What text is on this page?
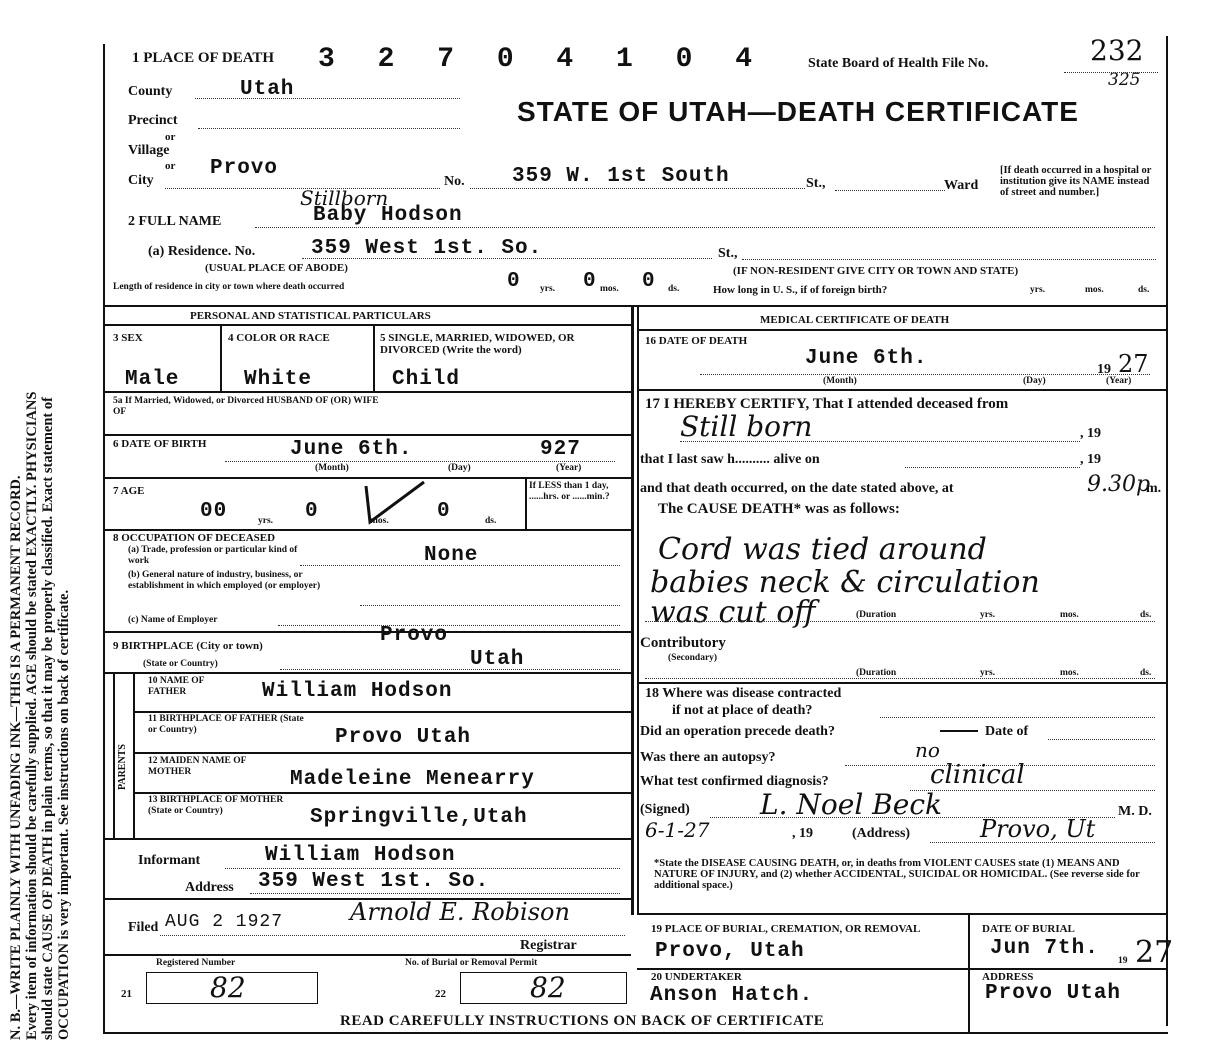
N. B.—WRITE PLAINLY WITH UNFADING INK—THIS IS A PERMANENT RECORD. Every item of information should be carefully supplied. AGE should be stated EXACTLY. PHYSICIANS should state CAUSE OF DEATH in plain terms, so that it may be properly classified. Exact statement of OCCUPATION is very important. See instructions on back of certificate.
1 PLACE OF DEATH 3 2 7 0 4 1 0 4	State Board of Health File No.	232
325
STATE OF UTAH—DEATH CERTIFICATE
County	Utah
Precinct
or
Village
or
City
Provo
No. 359 W. 1st South	St.,	Ward
[If death occurred in a hospital or institution give its NAME instead of street and number.]
2 FULL NAME
Stillborn
Baby Hodson
(a) Residence. No.	359 West 1st. So.	St.,
(USUAL PLACE OF ABODE)	(IF NON-RESIDENT GIVE CITY OR TOWN AND STATE)
Length of residence in city or town where death occurred	0 yrs. 0 mos. 0 ds.	How long in U. S., if of foreign birth?	yrs.	mos.	ds.
PERSONAL AND STATISTICAL PARTICULARS
3 SEX	4 COLOR OR RACE	5 SINGLE, MARRIED, WIDOWED, OR DIVORCED (Write the word)
Male	White	Child
5a If Married, Widowed, or Divorced HUSBAND OF (OR) WIFE OF
6 DATE OF BIRTH	June 6th.	927
(Month)	(Day)	(Year)
7 AGE
00	yrs. 0	mos. 0	ds.
If LESS than 1 day, ......hrs. or ......min.?
8 OCCUPATION OF DECEASED
(a) Trade, profession or particular kind of work	None
(b) General nature of industry, business, or establishment in which employed (or employer)
(c) Name of Employer
9 BIRTHPLACE (City or town)	Provo
(State or Country)	Utah
PARENTS
10 NAME OF FATHER	William Hodson
11 BIRTHPLACE OF FATHER (State or Country)	Provo Utah
12 MAIDEN NAME OF MOTHER	Madeleine Menearry
13 BIRTHPLACE OF MOTHER (State or Country)	Springville,Utah
Informant	William Hodson
Address 359 West 1st. So.
Filed AUG 2 1927	Arnold E. Robison
Registrar
Registered Number	No. of Burial or Removal Permit
21	82	22	82
MEDICAL CERTIFICATE OF DEATH
16 DATE OF DEATH
June 6th.	19 27
(Month)	(Day)	(Year)
17 I HEREBY CERTIFY, That I attended deceased from
Still born	, 19
that I last saw h.......... alive on	, 19
and that death occurred, on the date stated above, at	9.30p
m.
The CAUSE DEATH* was as follows:
Cord was tied around
babies neck & circulation
was cut off	(Duration	yrs.	mos.	ds.
Contributory
(Secondary)
(Duration	yrs.	mos.	ds.
18 Where was disease contracted
if not at place of death?
Did an operation precede death?	Date of
Was there an autopsy?	no
What test confirmed diagnosis?	clinical
(Signed)	L. Noel Beck	M. D.
6-1-27	, 19	(Address)	Provo, Ut
*State the DISEASE CAUSING DEATH, or, in deaths from VIOLENT CAUSES state (1) MEANS AND NATURE OF INJURY, and (2) whether ACCIDENTAL, SUICIDAL OR HOMICIDAL. (See reverse side for additional space.)
19 PLACE OF BURIAL, CREMATION, OR REMOVAL
Provo, Utah
DATE OF BURIAL
Jun 7th.
19 27
20 UNDERTAKER
Anson Hatch.
ADDRESS
Provo Utah
READ CAREFULLY INSTRUCTIONS ON BACK OF CERTIFICATE
